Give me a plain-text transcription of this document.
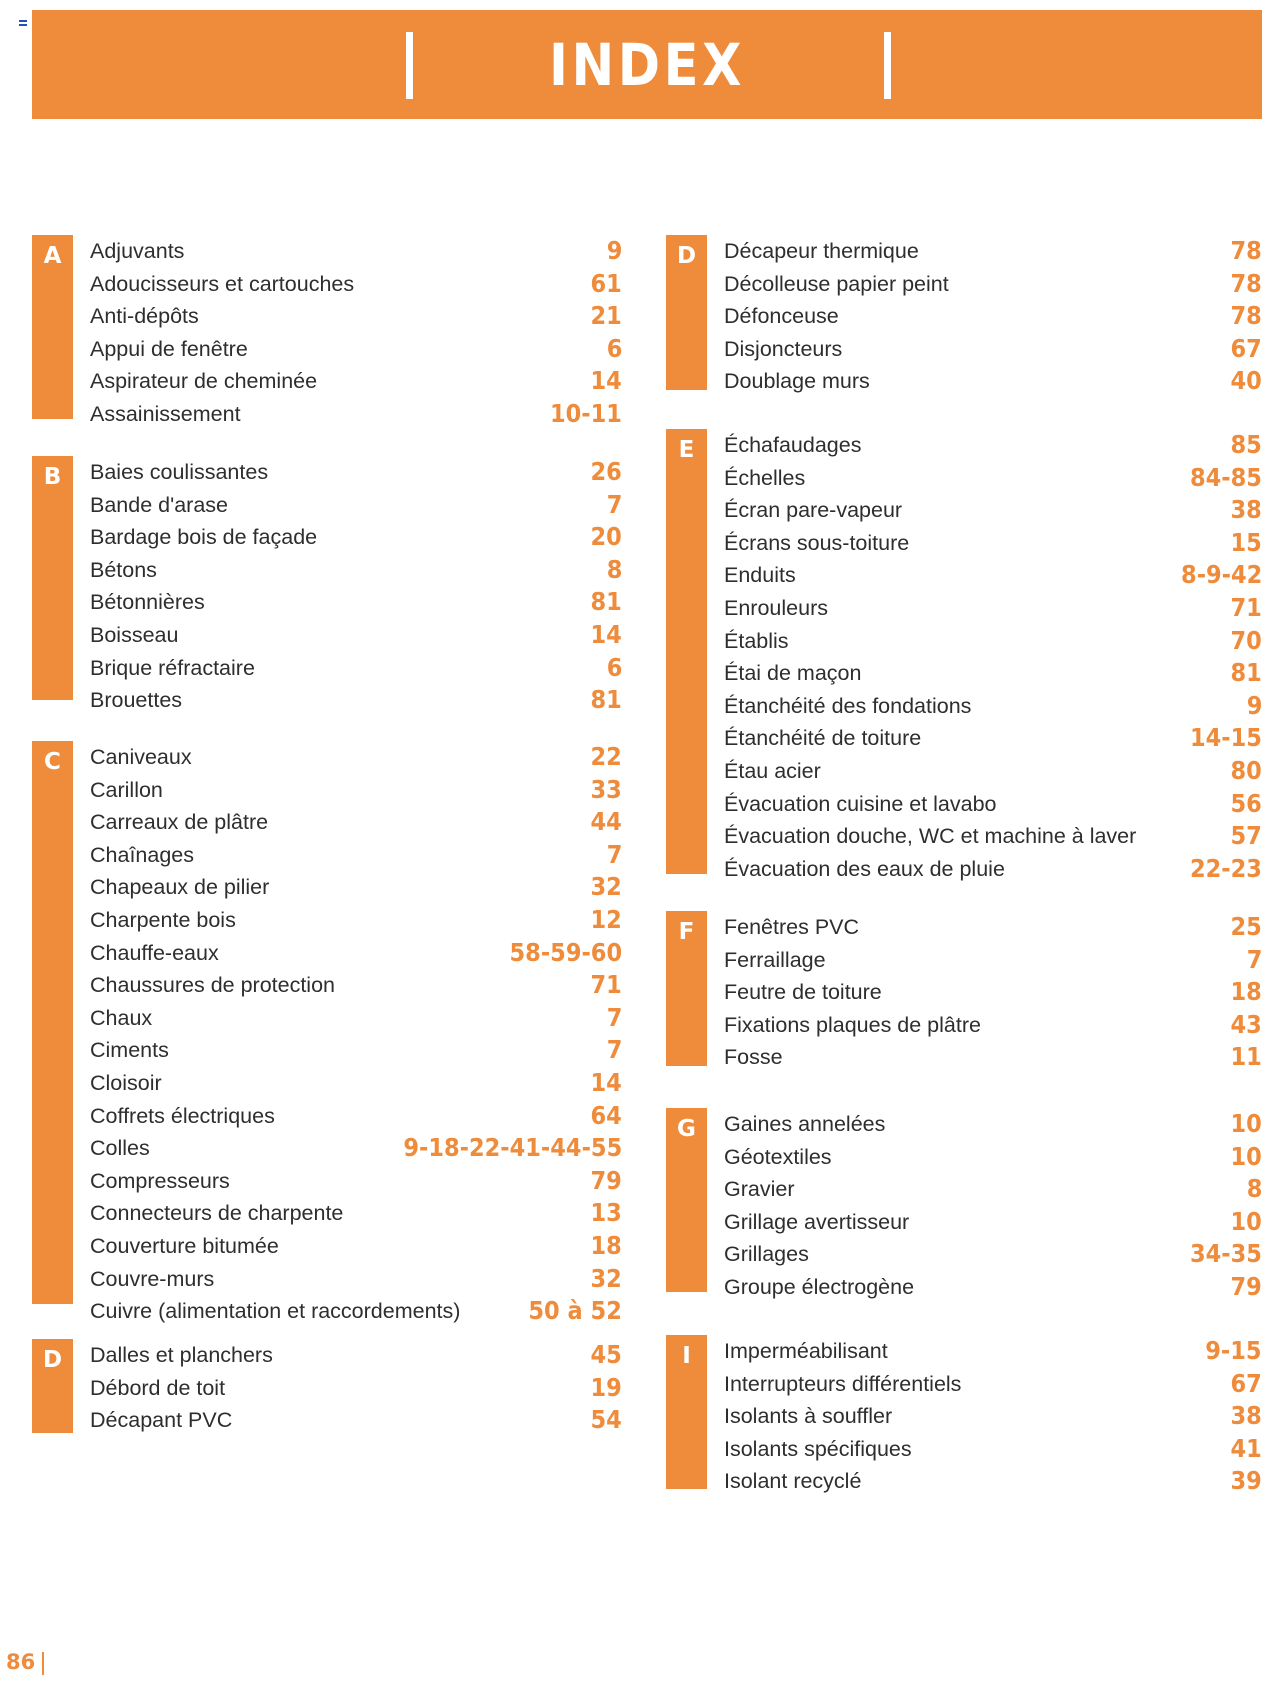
INDEX
A	Adjuvants	9
Adoucisseurs et cartouches	61
Anti-dépôts	21
Appui de fenêtre	6
Aspirateur de cheminée	14
Assainissement	10-11
B	Baies coulissantes	26
Bande d'arase	7
Bardage bois de façade	20
Bétons	8
Bétonnières	81
Boisseau	14
Brique réfractaire	6
Brouettes	81
C	Caniveaux	22
Carillon	33
Carreaux de plâtre	44
Chaînages	7
Chapeaux de pilier	32
Charpente bois	12
Chauffe-eaux	58-59-60
Chaussures de protection	71
Chaux	7
Ciments	7
Cloisoir	14
Coffrets électriques	64
Colles	9-18-22-41-44-55
Compresseurs	79
Connecteurs de charpente	13
Couverture bitumée	18
Couvre-murs	32
Cuivre (alimentation et raccordements)	50 à 52
D	Dalles et planchers	45
Débord de toit	19
Décapant PVC	54
D	Décapeur thermique	78
Décolleuse papier peint	78
Défonceuse	78
Disjoncteurs	67
Doublage murs	40
E	Échafaudages	85
Échelles	84-85
Écran pare-vapeur	38
Écrans sous-toiture	15
Enduits	8-9-42
Enrouleurs	71
Établis	70
Étai de maçon	81
Étanchéité des fondations	9
Étanchéité de toiture	14-15
Étau acier	80
Évacuation cuisine et lavabo	56
Évacuation douche, WC et machine à laver	57
Évacuation des eaux de pluie	22-23
F	Fenêtres PVC	25
Ferraillage	7
Feutre de toiture	18
Fixations plaques de plâtre	43
Fosse	11
G	Gaines annelées	10
Géotextiles	10
Gravier	8
Grillage avertisseur	10
Grillages	34-35
Groupe électrogène	79
I	Imperméabilisant	9-15
Interrupteurs différentiels	67
Isolants à souffler	38
Isolants spécifiques	41
Isolant recyclé	39
86
